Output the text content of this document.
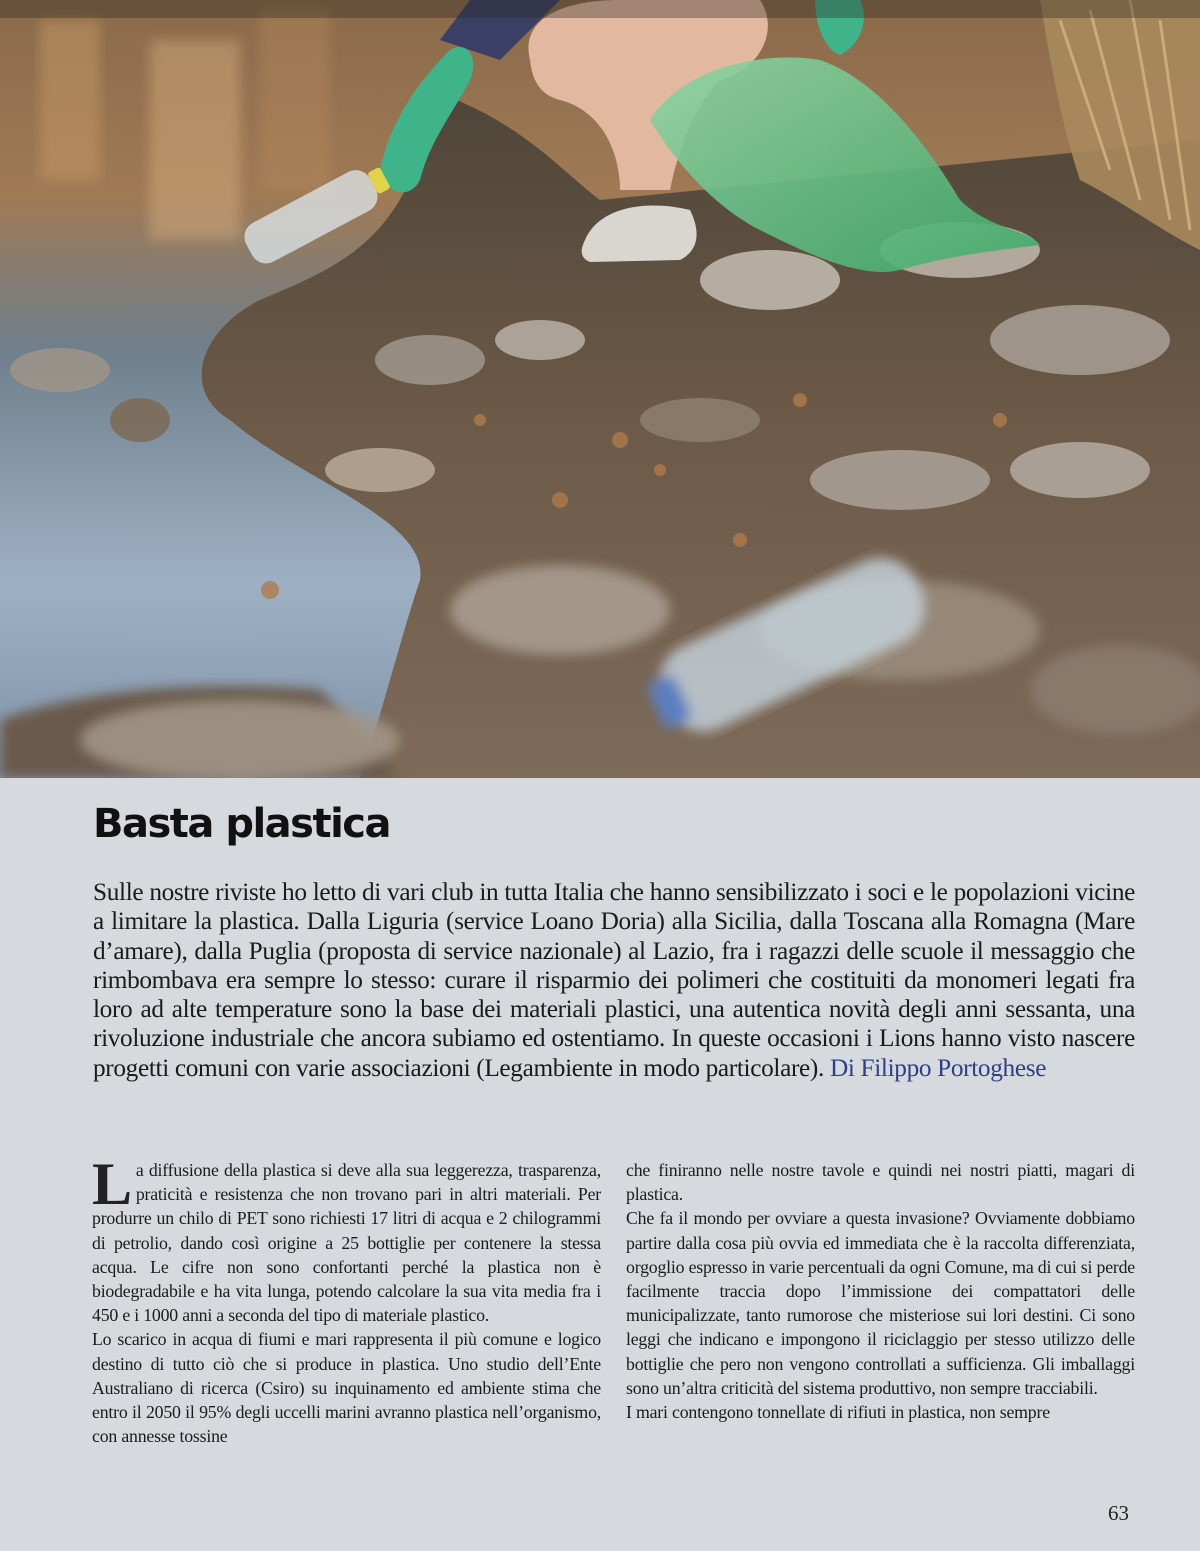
Basta plastica

Sulle nostre riviste ho letto di vari club in tutta Italia che hanno sensibilizzato i soci e le popolazioni vicine a limitare la plastica. Dalla Liguria (service Loano Doria) alla Sicilia, dalla Toscana alla Romagna (Mare d’amare), dalla Puglia (proposta di service nazionale) al Lazio, fra i ragazzi delle scuole il messaggio che rimbombava era sempre lo stesso: curare il risparmio dei polimeri che costituiti da monomeri legati fra loro ad alte temperature sono la base dei materiali plastici, una autentica novità degli anni sessanta, una rivoluzione industriale che ancora subiamo ed ostentiamo. In queste occasioni i Lions hanno visto nascere progetti comuni con varie associazioni (Legambiente in modo particolare). Di Filippo Portoghese

La diffusione della plastica si deve alla sua leggerezza, trasparenza, praticità e resistenza che non trovano pari in altri materiali. Per produrre un chilo di PET sono richiesti 17 litri di acqua e 2 chilogrammi di petrolio, dando così origine a 25 bottiglie per contenere la stessa acqua. Le cifre non sono confortanti perché la plastica non è biodegradabile e ha vita lunga, potendo calcolare la sua vita media fra i 450 e i 1000 anni a seconda del tipo di materiale plastico.

Lo scarico in acqua di fiumi e mari rappresenta il più comune e logico destino di tutto ciò che si produce in plastica. Uno studio dell’Ente Australiano di ricerca (Csiro) su inquinamento ed ambiente stima che entro il 2050 il 95% degli uccelli marini avranno plastica nell’organismo, con annesse tossine

che finiranno nelle nostre tavole e quindi nei nostri piatti, magari di plastica.

Che fa il mondo per ovviare a questa invasione? Ovviamente dobbiamo partire dalla cosa più ovvia ed immediata che è la raccolta differenziata, orgoglio espresso in varie percentuali da ogni Comune, ma di cui si perde facilmente traccia dopo l’immissione dei compattatori delle municipalizzate, tanto rumorose che misteriose sui lori destini. Ci sono leggi che indicano e impongono il riciclaggio per stesso utilizzo delle bottiglie che pero non vengono controllati a sufficienza. Gli imballaggi sono un’altra criticità del sistema produttivo, non sempre tracciabili.

I mari contengono tonnellate di rifiuti in plastica, non sempre

63
